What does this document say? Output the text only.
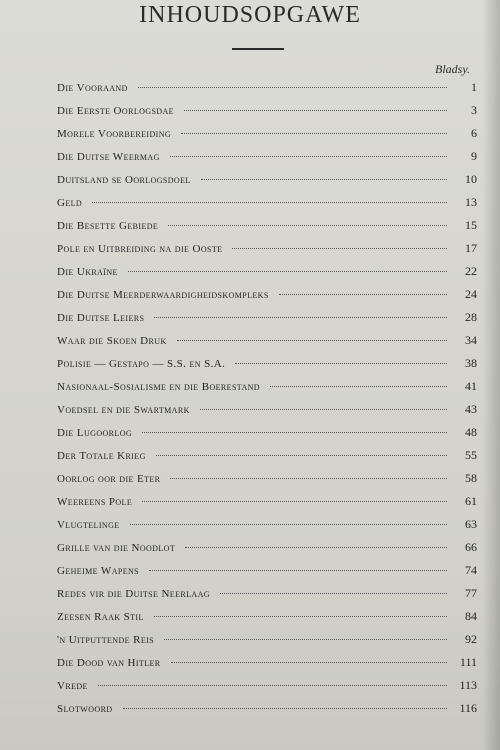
INHOUDSOPGAWE
Bladsy.
Die Vooraand	1
Die Eerste Oorlogsdae	3
Morele Voorbereiding	6
Die Duitse Weermag	9
Duitsland se Oorlogsdoel	10
Geld	13
Die Besette Gebiede	15
Pole en Uitbreiding na die Ooste	17
Die Ukraïne	22
Die Duitse Meerderwaardigheidskompleks	24
Die Duitse Leiers	28
Waar die Skoen Druk	34
Polisie — Gestapo — S.S. en S.A.	38
Nasionaal-Sosialisme en die Boerestand	41
Voedsel en die Swartmark	43
Die Lugoorlog	48
Der Totale Krieg	55
Oorlog oor die Eter	58
Weereens Pole	61
Vlugtelinge	63
Grille van die Noodlot	66
Geheime Wapens	74
Redes vir die Duitse Neerlaag	77
Zeesen Raak Stil	84
'n Uitputtende Reis	92
Die Dood van Hitler	111
Vrede	113
Slotwoord	116
